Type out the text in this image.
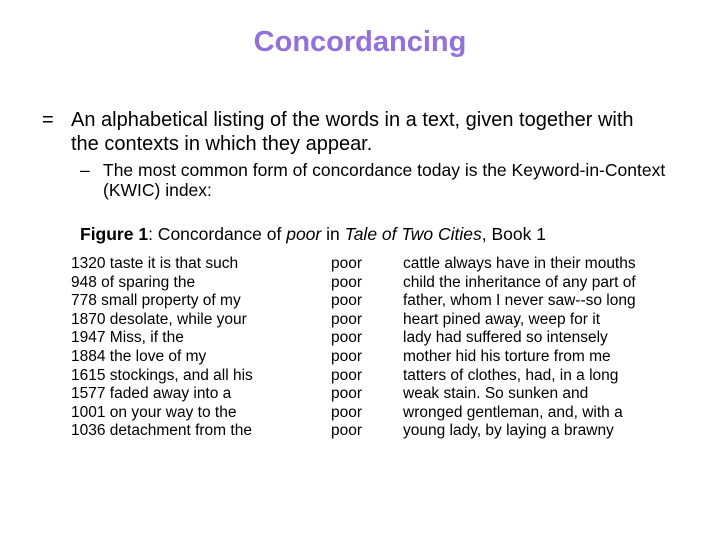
Concordancing
= An alphabetical listing of the words in a text, given together with the contexts in which they appear.
– The most common form of concordance today is the Keyword-in-Context (KWIC) index:
Figure 1: Concordance of poor in Tale of Two Cities, Book 1
1320 taste it is that such
948 of sparing the
778 small property of my
1870 desolate, while your
1947 Miss, if the
1884 the love of my
1615 stockings, and all his
1577 faded away into a
1001 on your way to the
1036 detachment from the
poor
poor
poor
poor
poor
poor
poor
poor
poor
poor
cattle always have in their mouths
child the inheritance of any part of
father, whom I never saw--so long
heart pined away, weep for it
lady had suffered so intensely
mother hid his torture from me
tatters of clothes, had, in a long
weak stain. So sunken and
wronged gentleman, and, with a
young lady, by laying a brawny
